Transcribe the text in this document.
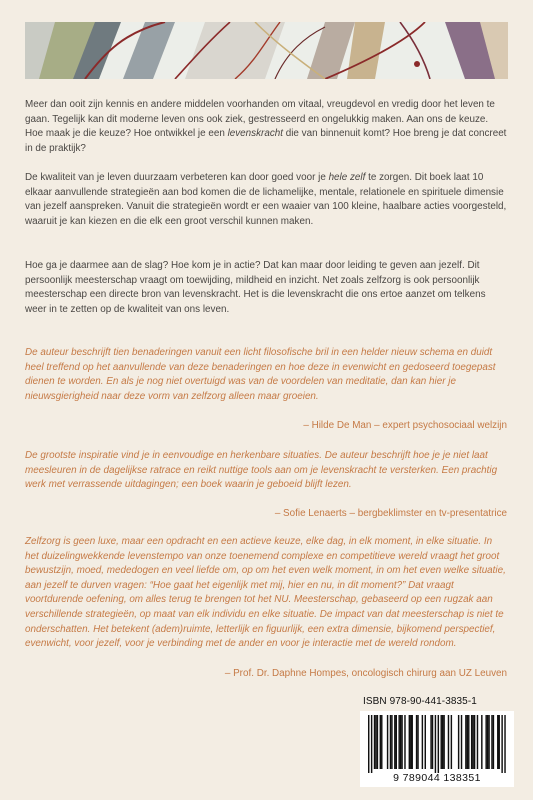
Meer dan ooit zijn kennis en andere middelen voorhanden om vitaal, vreugdevol en vredig door het leven te gaan. Tegelijk kan dit moderne leven ons ook ziek, gestresseerd en ongelukkig maken. Aan ons de keuze. Hoe maak je die keuze? Hoe ontwikkel je een levenskracht die van binnenuit komt? Hoe breng je dat concreet in de praktijk?

De kwaliteit van je leven duurzaam verbeteren kan door goed voor je hele zelf te zorgen. Dit boek laat 10 elkaar aanvullende strategieën aan bod komen die de lichamelijke, mentale, relationele en spirituele dimensie van jezelf aanspreken. Vanuit die strategieën wordt er een waaier van 100 kleine, haalbare acties voorgesteld, waaruit je kan kiezen en die elk een groot verschil kunnen maken.

Hoe ga je daarmee aan de slag? Hoe kom je in actie? Dat kan maar door leiding te geven aan jezelf. Dit persoonlijk meesterschap vraagt om toewijding, mildheid en inzicht. Net zoals zelfzorg is ook persoonlijk meesterschap een directe bron van levenskracht. Het is die levenskracht die ons ertoe aanzet om telkens weer in te zetten op de kwaliteit van ons leven.

De auteur beschrijft tien benaderingen vanuit een licht filosofische bril in een helder nieuw schema en duidt heel treffend op het aanvullende van deze benaderingen en hoe deze in evenwicht en gedoseerd toegepast dienen te worden. En als je nog niet overtuigd was van de voordelen van meditatie, dan kan hier je nieuwsgierigheid naar deze vorm van zelfzorg alleen maar groeien.

– Hilde De Man – expert psychosociaal welzijn

De grootste inspiratie vind je in eenvoudige en herkenbare situaties. De auteur beschrijft hoe je je niet laat meesleuren in de dagelijkse ratrace en reikt nuttige tools aan om je levenskracht te versterken. Een prachtig werk met verrassende uitdagingen; een boek waarin je geboeid blijft lezen.

– Sofie Lenaerts – bergbeklimster en tv-presentatrice

Zelfzorg is geen luxe, maar een opdracht en een actieve keuze, elke dag, in elk moment, in elke situatie. In het duizelingwekkende levenstempo van onze toenemend complexe en competitieve wereld vraagt het groot bewustzijn, moed, mededogen en veel liefde om, op om het even welk moment, in om het even welke situatie, aan jezelf te durven vragen: “Hoe gaat het eigenlijk met mij, hier en nu, in dit moment?” Dat vraagt voortdurende oefening, om alles terug te brengen tot het NU. Meesterschap, gebaseerd op een rugzak aan verschillende strategieën, op maat van elk individu en elke situatie. De impact van dat meesterschap is niet te onderschatten. Het betekent (adem)ruimte, letterlijk en figuurlijk, een extra dimensie, bijkomend perspectief, evenwicht, voor jezelf, voor je verbinding met de ander en voor je interactie met de wereld rondom.

– Prof. Dr. Daphne Hompes, oncologisch chirurg aan UZ Leuven

ISBN 978-90-441-3835-1
9 789044 138351
